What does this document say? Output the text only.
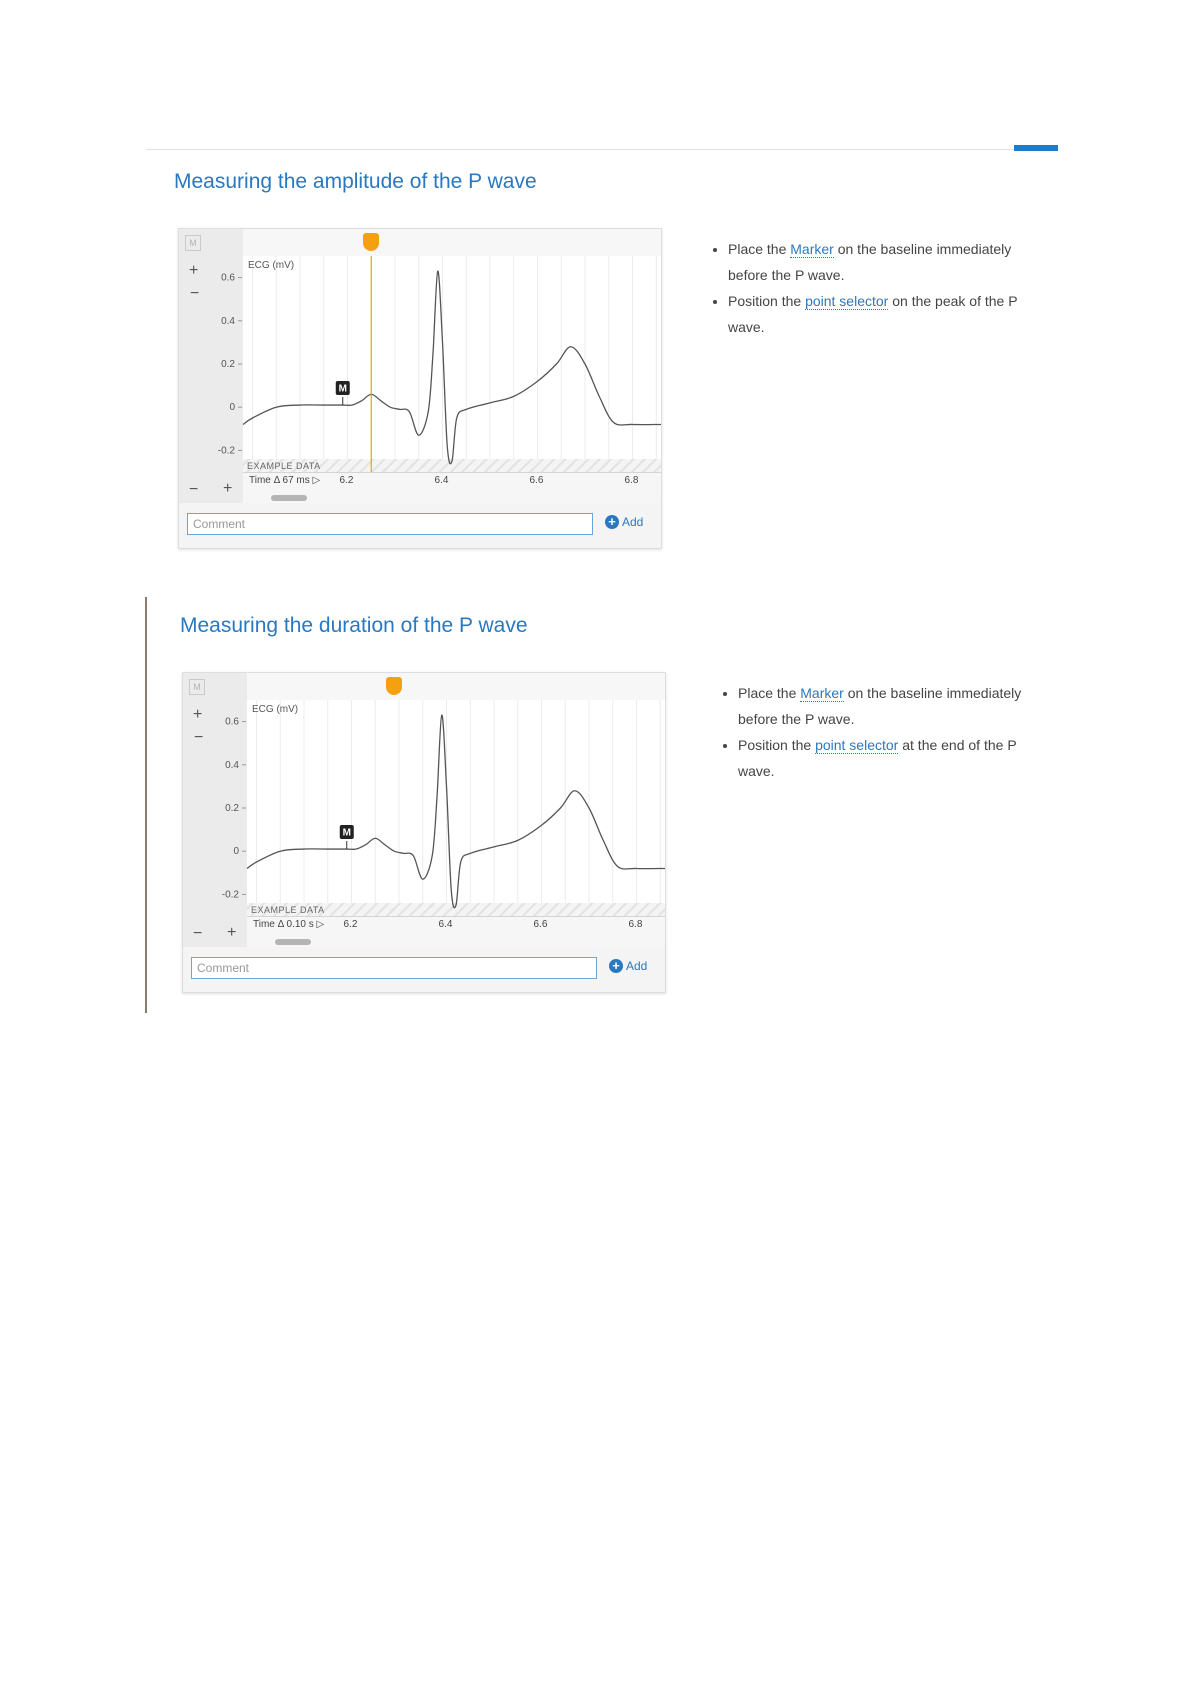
Measuring the amplitude of the P wave
M
+
−
0.6
0.4
0.2
0
-0.2
M
ECG (mV)
EXAMPLE DATA
Time Δ 67 ms ▷ 6.2	6.4	6.6	6.8
− +
Comment	+ Add
• Place the Marker on the baseline immediately before the P wave.
• Position the point selector on the peak of the P wave.
Measuring the duration of the P wave
M
+
−
0.6
0.4
0.2
0
-0.2
M
ECG (mV)
EXAMPLE DATA
Time Δ 0.10 s ▷ 6.2	6.4	6.6	6.8
− +
Comment	+ Add
• Place the Marker on the baseline immediately before the P wave.
• Position the point selector at the end of the P wave.
